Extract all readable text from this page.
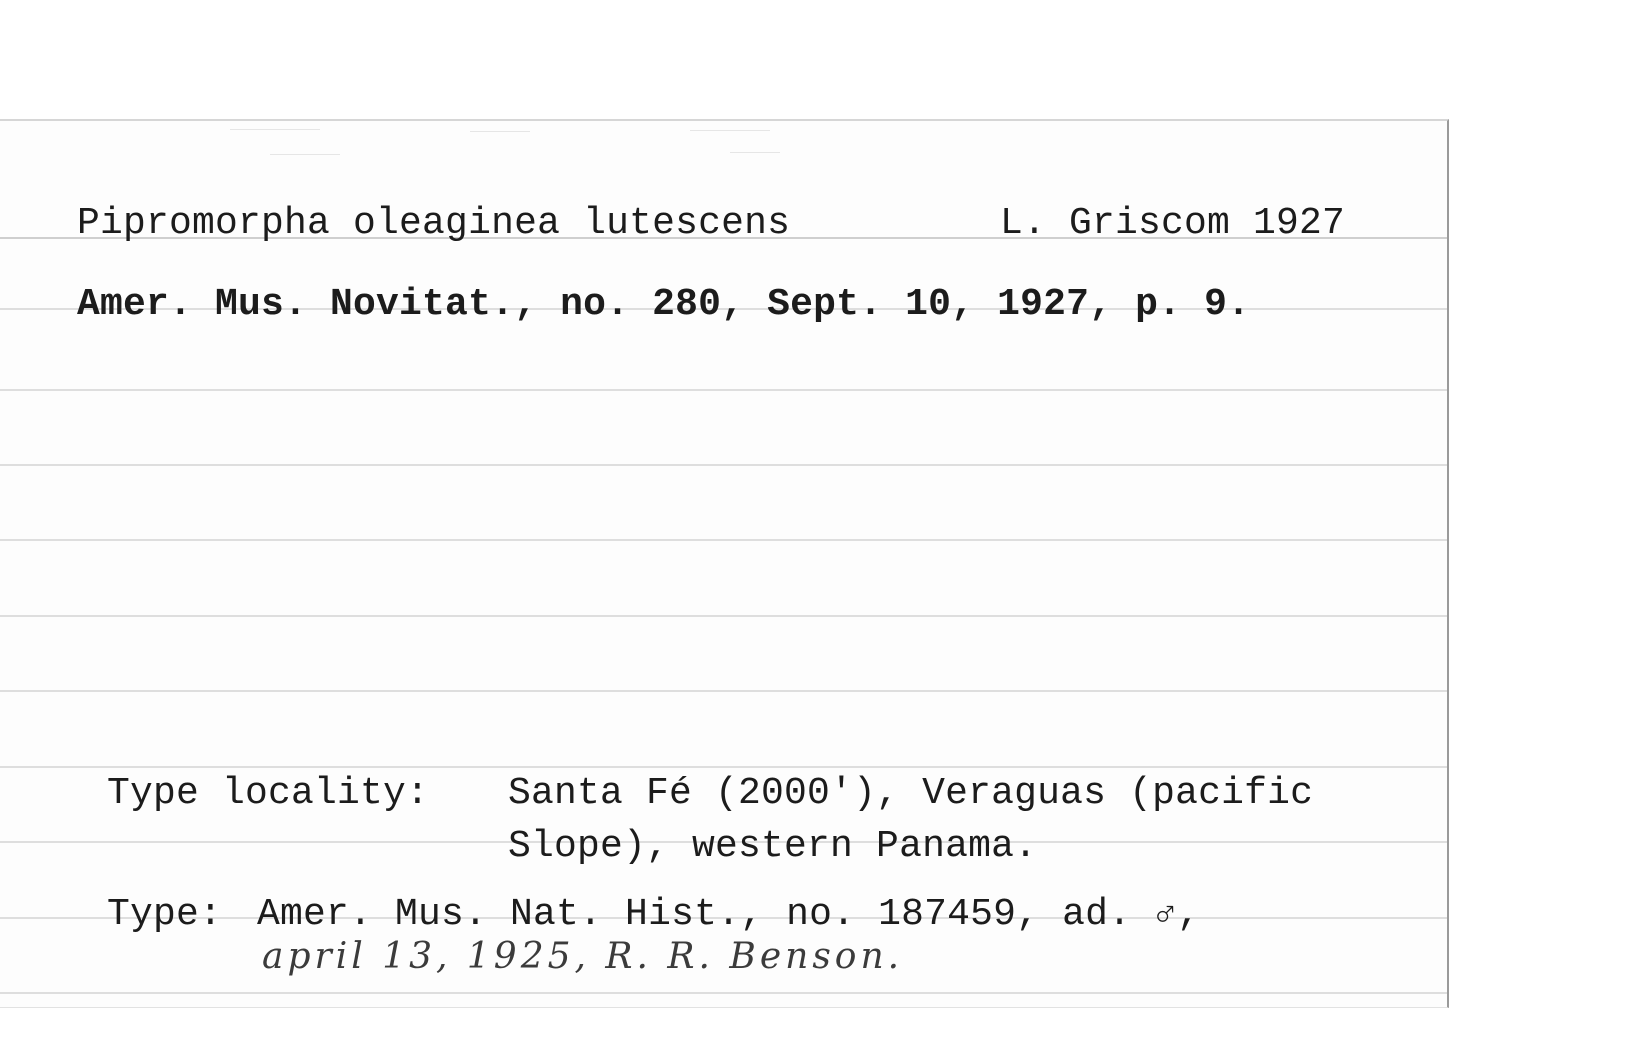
Pipromorpha oleaginea lutescens	L. Griscom 1927

Amer. Mus. Novitat., no. 280, Sept. 10, 1927, p. 9.

Type locality: Santa Fé (2000'), Veraguas (pacific

Slope), western Panama.

Type: Amer. Mus. Nat. Hist., no. 187459, ad. ♂,

april 13, 1925, R. R. Benson.
